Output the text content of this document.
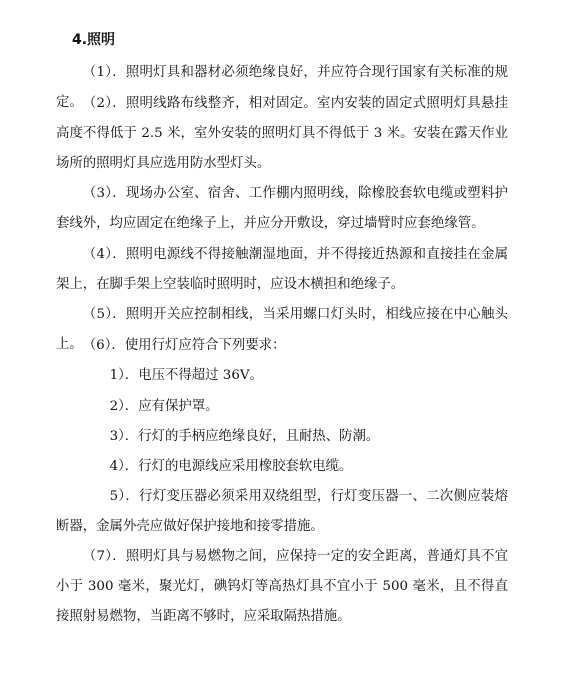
4.照明

（1）．照明灯具和器材必须绝缘良好，并应符合现行国家有关标准的规定。 （2）．照明线路布线整齐，相对固定。室内安装的固定式照明灯具悬挂高度不得低于 2.5 米，室外安装的照明灯具不得低于 3 米。安装在露天作业场所的照明灯具应选用防水型灯头。

（3）．现场办公室、宿舍、工作棚内照明线，除橡胶套软电缆或塑料护套线外，均应固定在绝缘子上，并应分开敷设，穿过墙臂时应套绝缘管。

（4）．照明电源线不得接触潮湿地面，并不得接近热源和直接挂在金属架上，在脚手架上空装临时照明时，应设木横担和绝缘子。

（5）．照明开关应控制相线，当采用螺口灯头时，相线应接在中心触头上。 （6）．使用行灯应符合下列要求：

1）．电压不得超过 36V。

2）．应有保护罩。

3）．行灯的手柄应绝缘良好，且耐热、防潮。

4）．行灯的电源线应采用橡胶套软电缆。

5）．行灯变压器必须采用双绕组型，行灯变压器一、二次侧应装熔断器，金属外壳应做好保护接地和接零措施。

（7）．照明灯具与易燃物之间，应保持一定的安全距离，普通灯具不宜小于 300 毫米，聚光灯，碘钨灯等高热灯具不宜小于 500 毫米，且不得直接照射易燃物，当距离不够时，应采取隔热措施。
